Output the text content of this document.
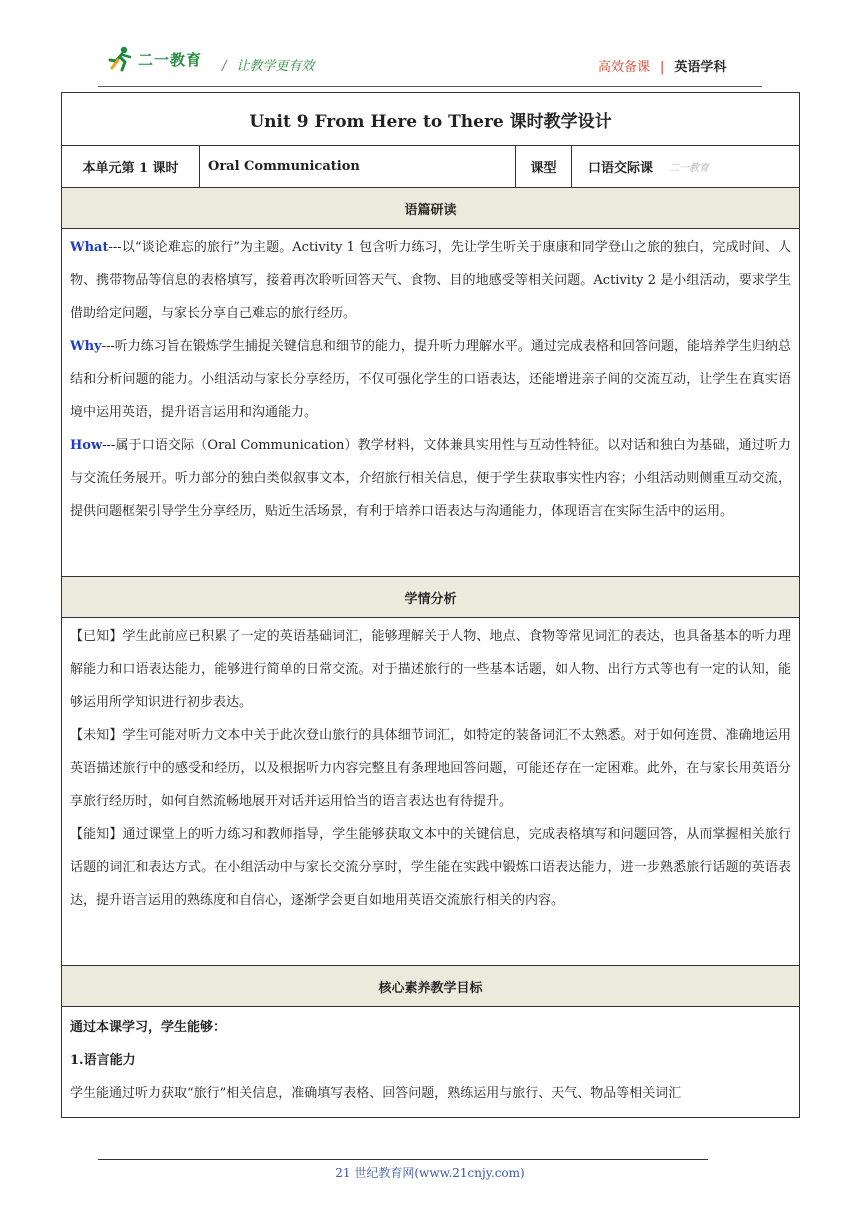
二一教育 / 让教学更有效	高效备课 | 英语学科
Unit 9 From Here to There 课时教学设计
本单元第 1 课时	Oral Communication	课型	口语交际课 二一教育
语篇研读

What---以“谈论难忘的旅行”为主题。Activity 1 包含听力练习，先让学生听关于康康和同学登山之旅的独白，完成时间、人物、携带物品等信息的表格填写，接着再次聆听回答天气、食物、目的地感受等相关问题。Activity 2 是小组活动，要求学生借助给定问题，与家长分享自己难忘的旅行经历。

Why---听力练习旨在锻炼学生捕捉关键信息和细节的能力，提升听力理解水平。通过完成表格和回答问题，能培养学生归纳总结和分析问题的能力。小组活动与家长分享经历，不仅可强化学生的口语表达，还能增进亲子间的交流互动，让学生在真实语境中运用英语，提升语言运用和沟通能力。

How---属于口语交际（Oral Communication）教学材料，文体兼具实用性与互动性特征。以对话和独白为基础，通过听力与交流任务展开。听力部分的独白类似叙事文本，介绍旅行相关信息，便于学生获取事实性内容；小组活动则侧重互动交流，提供问题框架引导学生分享经历，贴近生活场景，有利于培养口语表达与沟通能力，体现语言在实际生活中的运用。

学情分析

【已知】学生此前应已积累了一定的英语基础词汇，能够理解关于人物、地点、食物等常见词汇的表达，也具备基本的听力理解能力和口语表达能力，能够进行简单的日常交流。对于描述旅行的一些基本话题，如人物、出行方式等也有一定的认知，能够运用所学知识进行初步表达。

【未知】学生可能对听力文本中关于此次登山旅行的具体细节词汇，如特定的装备词汇不太熟悉。对于如何连贯、准确地运用英语描述旅行中的感受和经历，以及根据听力内容完整且有条理地回答问题，可能还存在一定困难。此外，在与家长用英语分享旅行经历时，如何自然流畅地展开对话并运用恰当的语言表达也有待提升。

【能知】通过课堂上的听力练习和教师指导，学生能够获取文本中的关键信息，完成表格填写和问题回答，从而掌握相关旅行话题的词汇和表达方式。在小组活动中与家长交流分享时，学生能在实践中锻炼口语表达能力，进一步熟悉旅行话题的英语表达，提升语言运用的熟练度和自信心，逐渐学会更自如地用英语交流旅行相关的内容。

核心素养教学目标

通过本课学习，学生能够：

1.语言能力

学生能通过听力获取“旅行”相关信息，准确填写表格、回答问题，熟练运用与旅行、天气、物品等相关词汇

21 世纪教育网(www.21cnjy.com)
